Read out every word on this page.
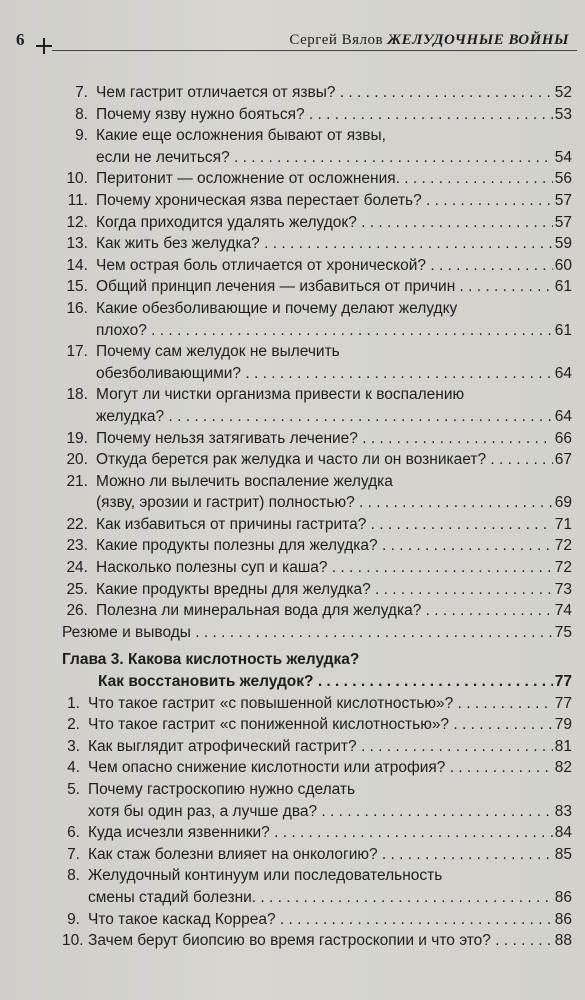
6	Сергей Вялов ЖЕЛУДОЧНЫЕ ВОЙНЫ
7. Чем гастрит отличается от язвы? . . .	52
8. Почему язву нужно бояться? . . .	53
9. Какие еще осложнения бывают от язвы,
если не лечиться? . . .	54
10. Перитонит — осложнение от осложнения. . . .	56
11. Почему хроническая язва перестает болеть? . . .	57
12. Когда приходится удалять желудок? . . .	57
13. Как жить без желудка? . . .	59
14. Чем острая боль отличается от хронической? . . .	60
15. Общий принцип лечения — избавиться от причин . . .	61
16. Какие обезболивающие и почему делают желудку
плохо? . . .	61
17. Почему сам желудок не вылечить
обезболивающими? . . .	64
18. Могут ли чистки организма привести к воспалению
желудка? . . .	64
19. Почему нельзя затягивать лечение? . . .	66
20. Откуда берется рак желудка и часто ли он возникает? . . .	67
21. Можно ли вылечить воспаление желудка
(язву, эрозии и гастрит) полностью? . . .	69
22. Как избавиться от причины гастрита? . . .	71
23. Какие продукты полезны для желудка? . . .	72
24. Насколько полезны суп и каша? . . .	72
25. Какие продукты вредны для желудка? . . .	73
26. Полезна ли минеральная вода для желудка? . . .	74
Резюме и выводы . . .	75
Глава 3. Какова кислотность желудка?
Как восстановить желудок? . . .	77
1. Что такое гастрит «с повышенной кислотностью»? . . .	77
2. Что такое гастрит «с пониженной кислотностью»? . . .	79
3. Как выглядит атрофический гастрит? . . .	81
4. Чем опасно снижение кислотности или атрофия? . . .	82
5. Почему гастроскопию нужно сделать
хотя бы один раз, а лучше два? . . .	83
6. Куда исчезли язвенники? . . .	84
7. Как стаж болезни влияет на онкологию? . . .	85
8. Желудочный континуум или последовательность
смены стадий болезни. . . .	86
9. Что такое каскад Корреа? . . .	86
10. Зачем берут биопсию во время гастроскопии и что это? . . .	88
